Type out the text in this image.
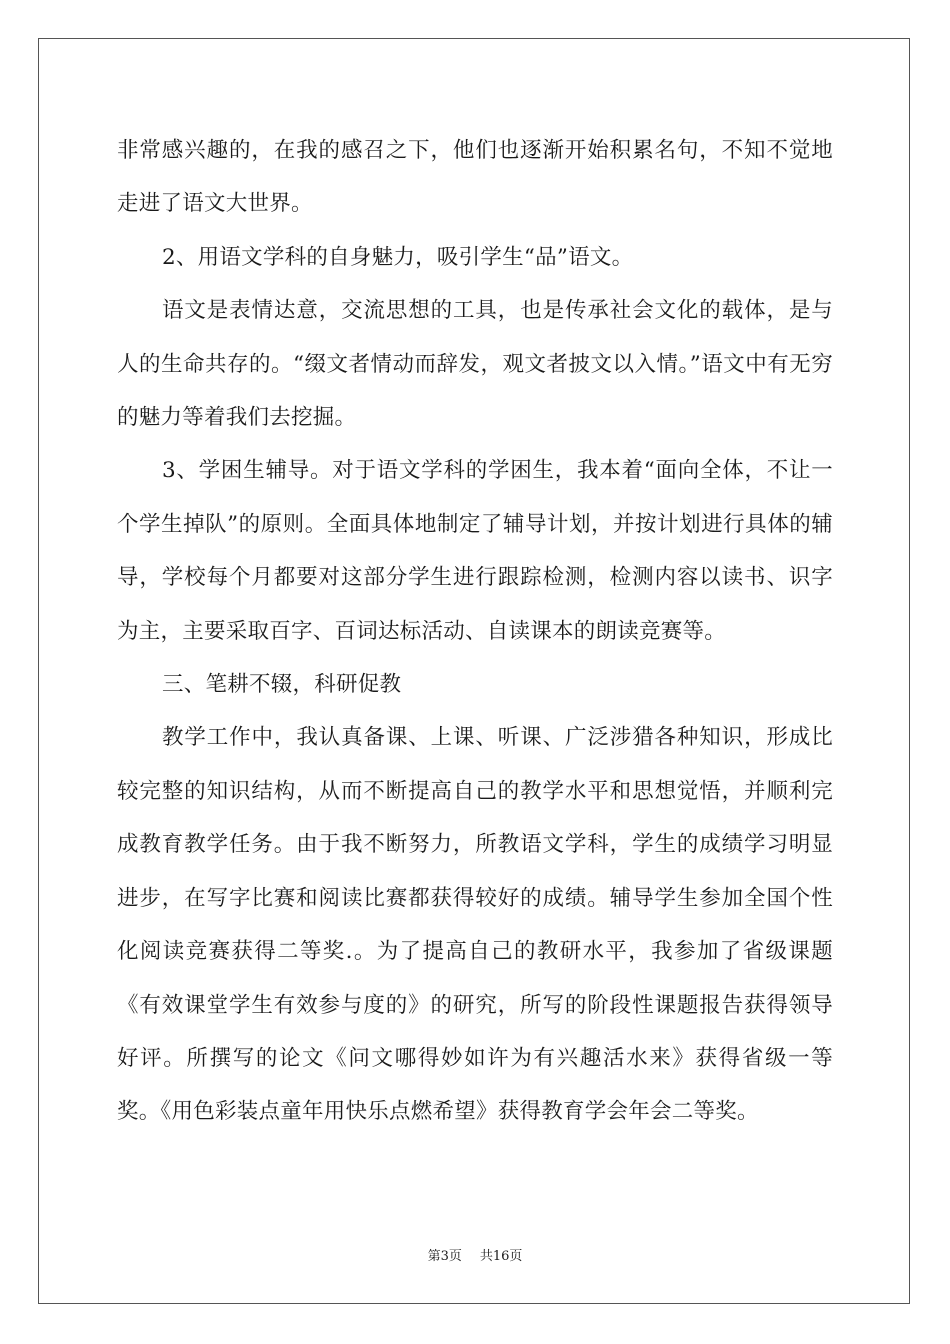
非常感兴趣的，在我的感召之下，他们也逐渐开始积累名句，不知不觉地走进了语文大世界。

2、用语文学科的自身魅力，吸引学生“品”语文。

语文是表情达意，交流思想的工具，也是传承社会文化的载体，是与人的生命共存的。“缀文者情动而辞发，观文者披文以入情。”语文中有无穷的魅力等着我们去挖掘。

3、学困生辅导。对于语文学科的学困生，我本着“面向全体，不让一个学生掉队”的原则。全面具体地制定了辅导计划，并按计划进行具体的辅导，学校每个月都要对这部分学生进行跟踪检测，检测内容以读书、识字为主，主要采取百字、百词达标活动、自读课本的朗读竞赛等。

三、笔耕不辍，科研促教

教学工作中，我认真备课、上课、听课、广泛涉猎各种知识，形成比较完整的知识结构，从而不断提高自己的教学水平和思想觉悟，并顺利完成教育教学任务。由于我不断努力，所教语文学科，学生的成绩学习明显进步，在写字比赛和阅读比赛都获得较好的成绩。辅导学生参加全国个性化阅读竞赛获得二等奖.。为了提高自己的教研水平，我参加了省级课题《有效课堂学生有效参与度的》的研究，所写的阶段性课题报告获得领导好评。所撰写的论文《问文哪得妙如许为有兴趣活水来》获得省级一等奖。《用色彩装点童年用快乐点燃希望》获得教育学会年会二等奖。

第3页 共16页
